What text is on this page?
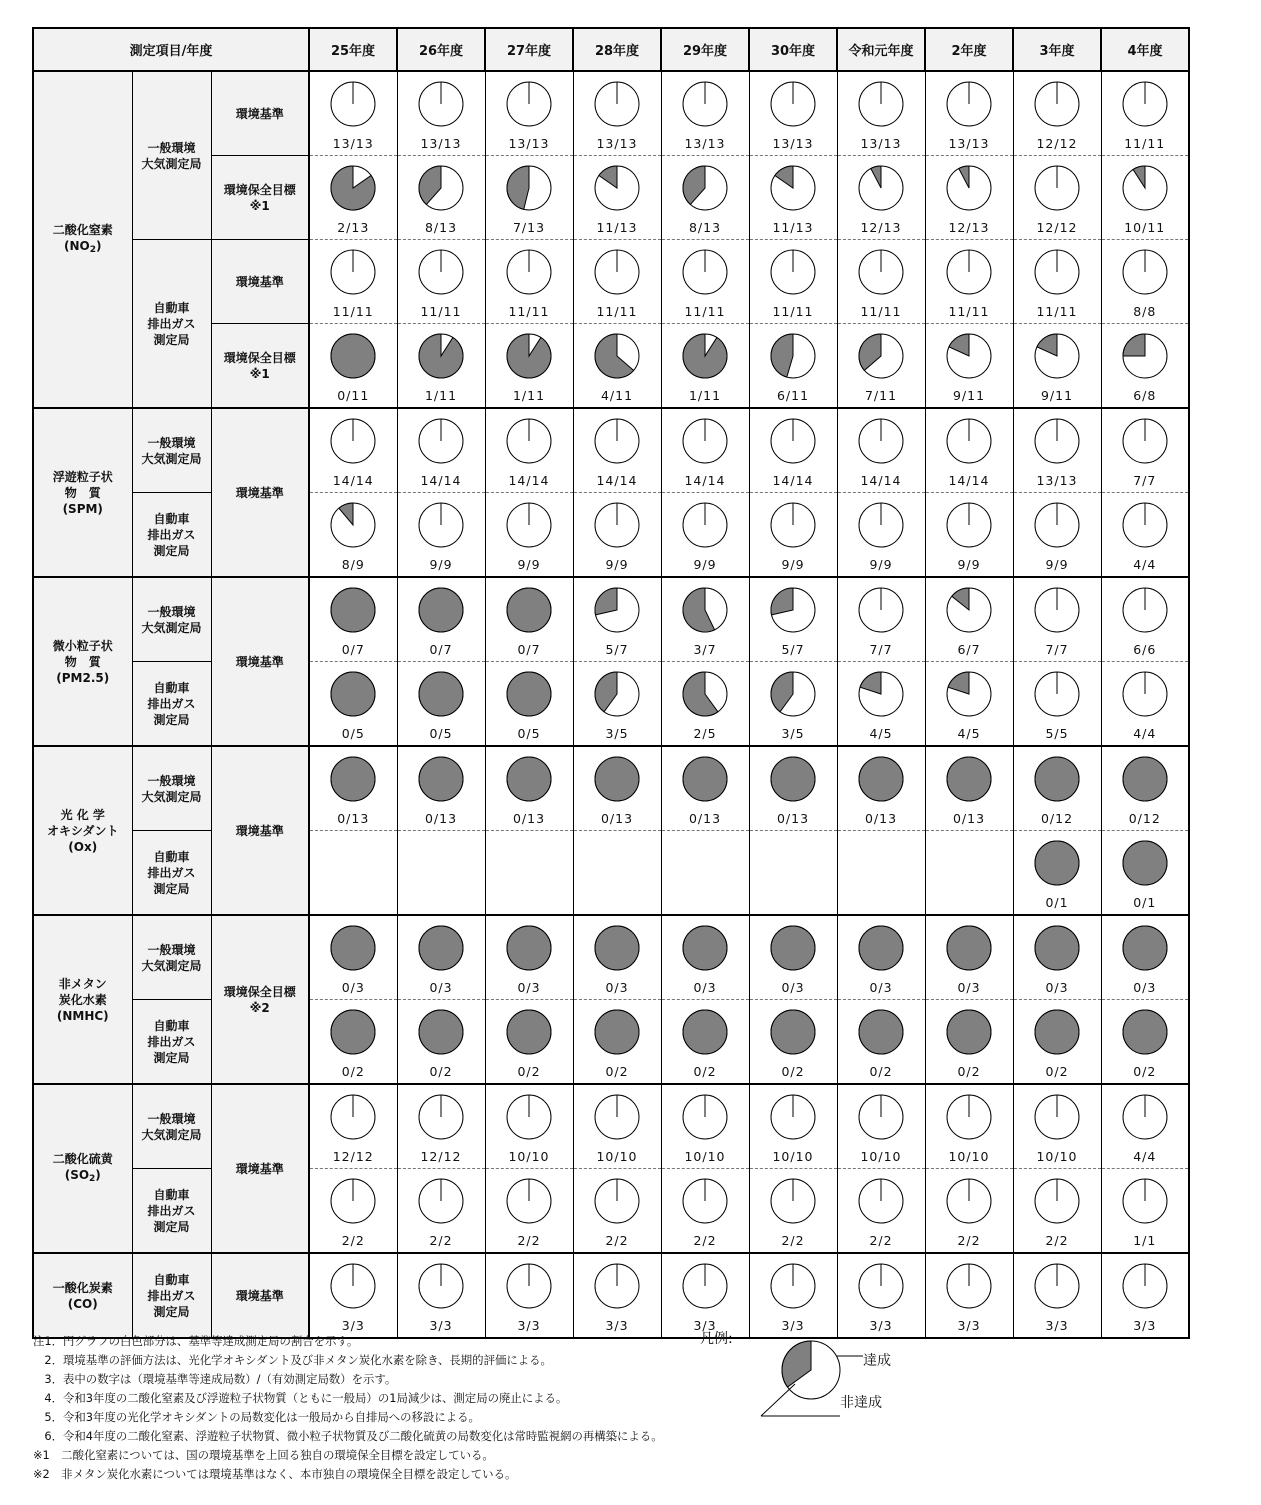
測定項目/年度			25年度	26年度	27年度	28年度	29年度	30年度	令和元年度	2年度	3年度	4年度
二酸化窒素
$(NO_2)$	一般環境
大気測定局	環境基準	13/13	13/13	13/13	13/13	13/13	13/13	13/13	13/13	12/12	11/11

		環境保全目標
※1	2/13	8/13	7/13	11/13	8/13	11/13	12/13	12/13	12/12	10/11

	自動車
排出ガス
測定局	環境基準	11/11	11/11	11/11	11/11	11/11	11/11	11/11	11/11	11/11	8/8

		環境保全目標
※1	0/11	1/11	1/11	4/11	1/11	6/11	7/11	9/11	9/11	6/8

浮遊粒子状
物　質
(SPM)	一般環境
大気測定局	環境基準	14/14	14/14	14/14	14/14	14/14	14/14	14/14	14/14	13/13	7/7

	自動車
排出ガス
測定局		8/9	9/9	9/9	9/9	9/9	9/9	9/9	9/9	9/9	4/4

微小粒子状
物　質
(PM2.5)	一般環境
大気測定局	環境基準	0/7	0/7	0/7	5/7	3/7	5/7	7/7	6/7	7/7	6/6

	自動車
排出ガス
測定局		0/5	0/5	0/5	3/5	2/5	3/5	4/5	4/5	5/5	4/4

光 化 学
オキシダント
(Ox)	一般環境
大気測定局	環境基準	0/13	0/13	0/13	0/13	0/13	0/13	0/13	0/13	0/12	0/12

	自動車
排出ガス
測定局										0/1	0/1

非メタン
炭化水素
(NMHC)	一般環境
大気測定局	環境保全目標
※2	0/3	0/3	0/3	0/3	0/3	0/3	0/3	0/3	0/3	0/3

	自動車
排出ガス
測定局		0/2	0/2	0/2	0/2	0/2	0/2	0/2	0/2	0/2	0/2

二酸化硫黄
$(SO_2)$	一般環境
大気測定局	環境基準	12/12	12/12	10/10	10/10	10/10	10/10	10/10	10/10	10/10	4/4

	自動車
排出ガス
測定局		2/2	2/2	2/2	2/2	2/2	2/2	2/2	2/2	2/2	1/1

一酸化炭素
(CO)	自動車
排出ガス
測定局	環境基準	3/3	3/3	3/3	3/3	3/3	3/3	3/3	3/3	3/3	3/3
注1．円グラフの白色部分は、基準等達成測定局の割合を示す。
　2．環境基準の評価方法は、光化学オキシダント及び非メタン炭化水素を除き、長期的評価による。
　3．表中の数字は（環境基準等達成局数）/（有効測定局数）を示す。
　4．令和3年度の二酸化窒素及び浮遊粒子状物質（ともに一般局）の1局減少は、測定局の廃止による。
　5．令和3年度の光化学オキシダントの局数変化は一般局から自排局への移設による。
　6．令和4年度の二酸化窒素、浮遊粒子状物質、微小粒子状物質及び二酸化硫黄の局数変化は常時監視網の再構築による。
※1　二酸化窒素については、国の環境基準を上回る独自の環境保全目標を設定している。
※2　非メタン炭化水素については環境基準はなく、本市独自の環境保全目標を設定している。
凡例:
達成
非達成
